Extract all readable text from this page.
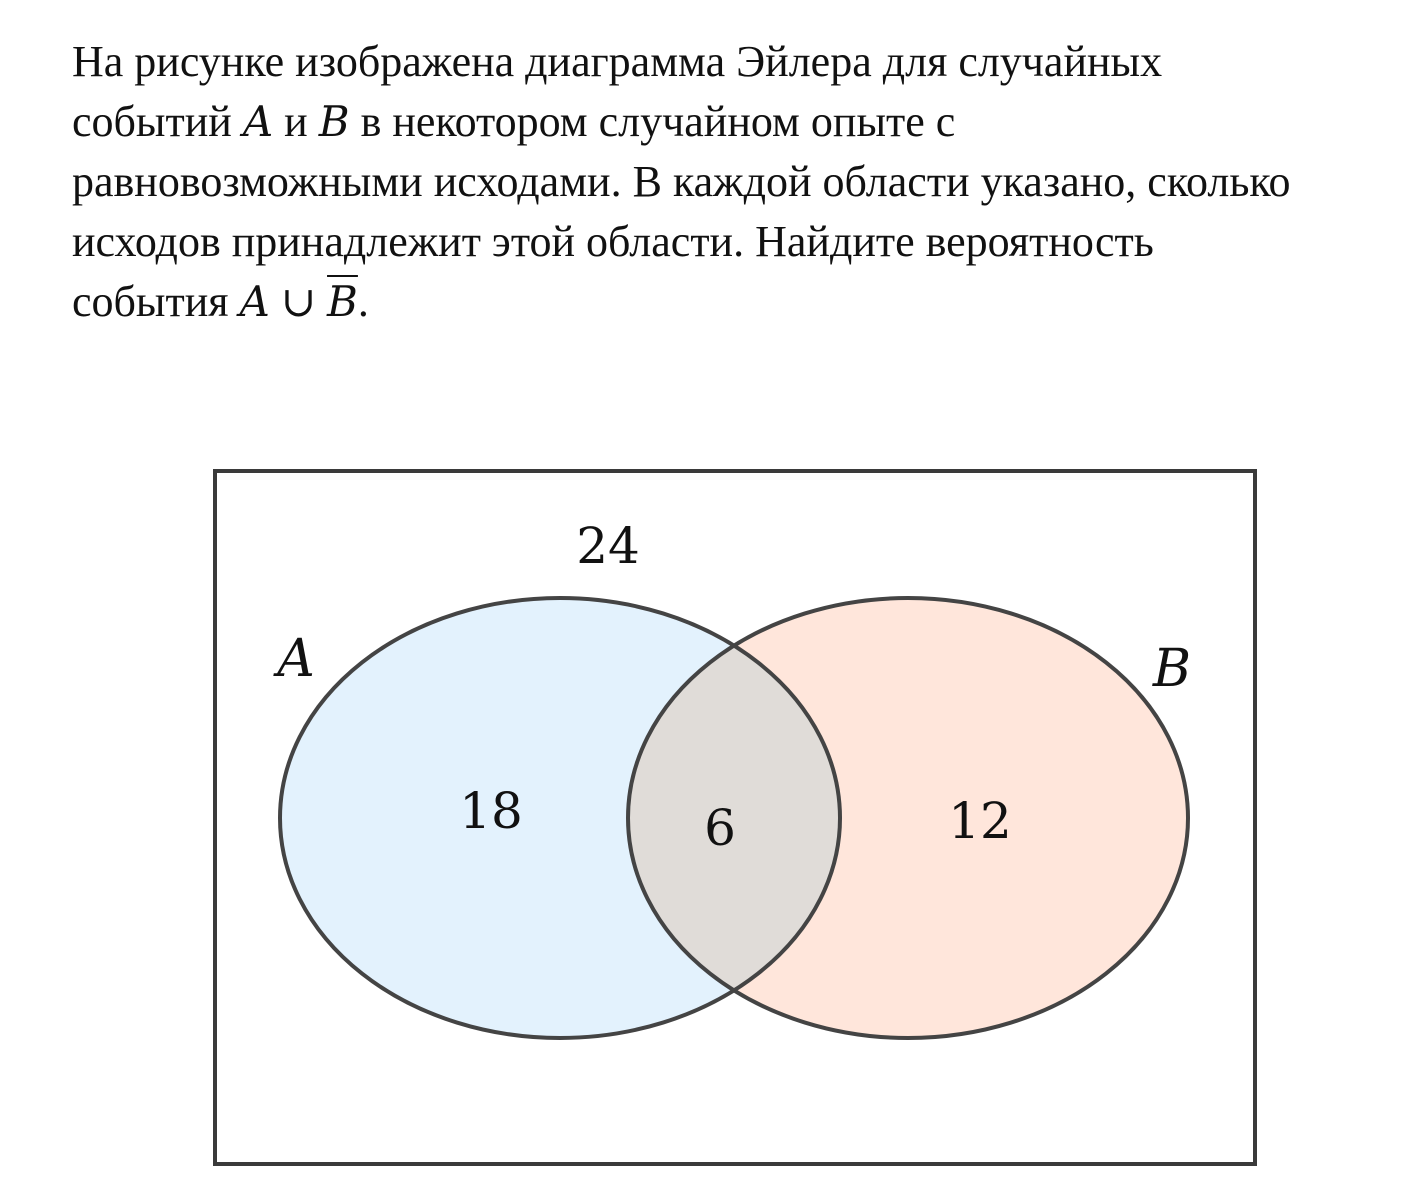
На рисунке изображена диаграмма Эйлера для случайных
событий A и B в некотором случайном опыте с
равновозможными исходами. В каждой области указано, сколько
исходов принадлежит этой области. Найдите вероятность
события A ∪ $\overline{B}$.
24
A	B
18	6	12
